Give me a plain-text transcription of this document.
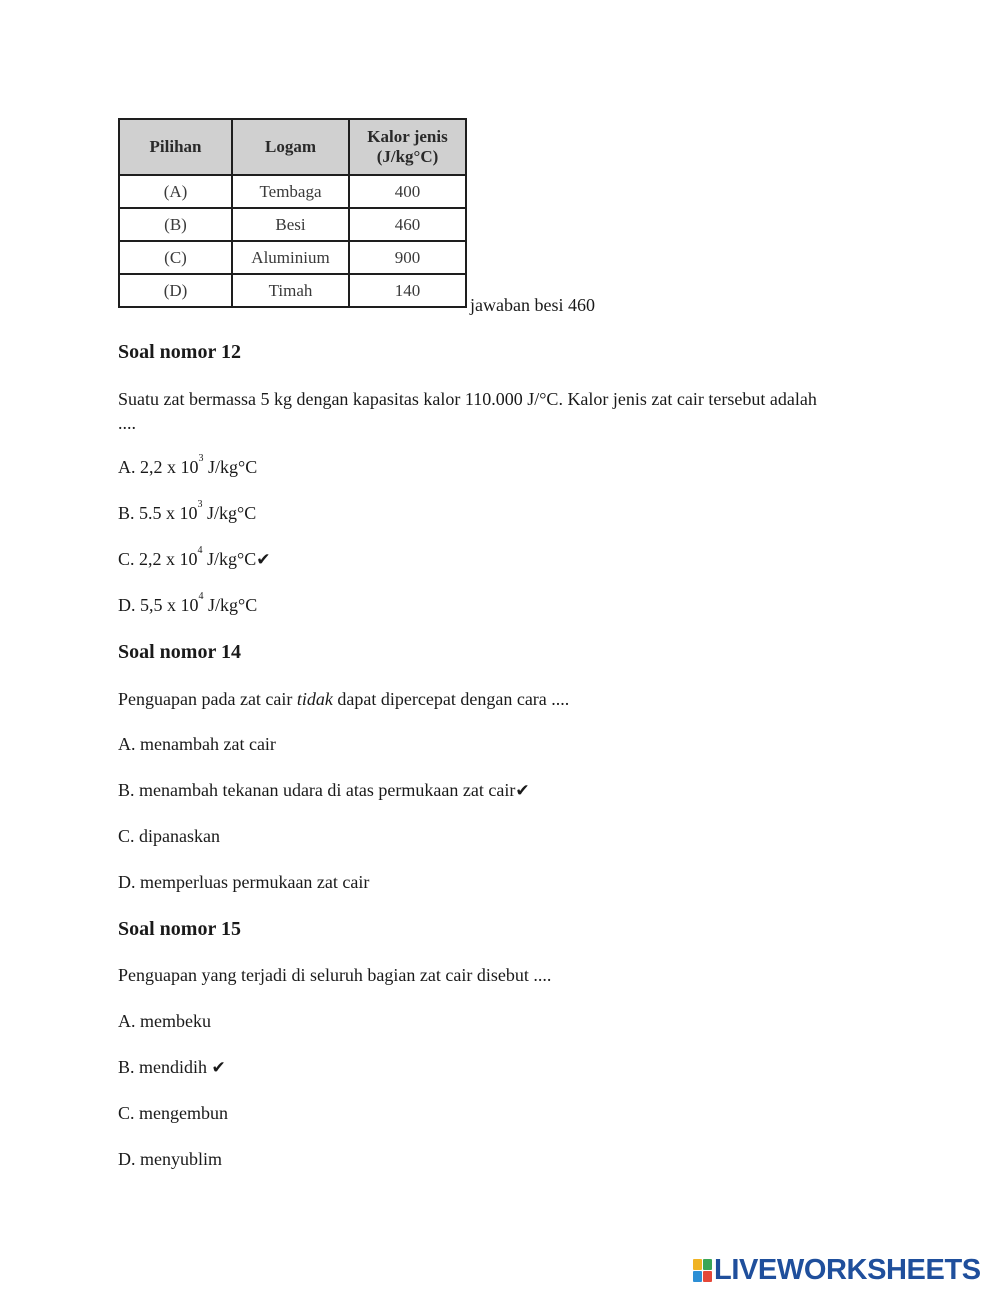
Pilihan	Logam	Kalor jenis
(J/kg°C)

(A)	Tembaga	400
(B)	Besi	460
(C)	Aluminium	900
(D)	Timah	140
jawaban besi 460
Soal nomor 12
Suatu zat bermassa 5 kg dengan kapasitas kalor 110.000 J/°C. Kalor jenis zat cair tersebut adalah
....
A. 2,2 x $10^3$ J/kg°C
B. 5.5 x $10^3$ J/kg°C
C. 2,2 x $10^4$ J/kg°C✔
D. 5,5 x $10^4$ J/kg°C
Soal nomor 14
Penguapan pada zat cair tidak dapat dipercepat dengan cara ....
A. menambah zat cair
B. menambah tekanan udara di atas permukaan zat cair✔
C. dipanaskan
D. memperluas permukaan zat cair
Soal nomor 15
Penguapan yang terjadi di seluruh bagian zat cair disebut ....
A. membeku
B. mendidih ✔
C. mengembun
D. menyublim
LIVEWORKSHEETS
